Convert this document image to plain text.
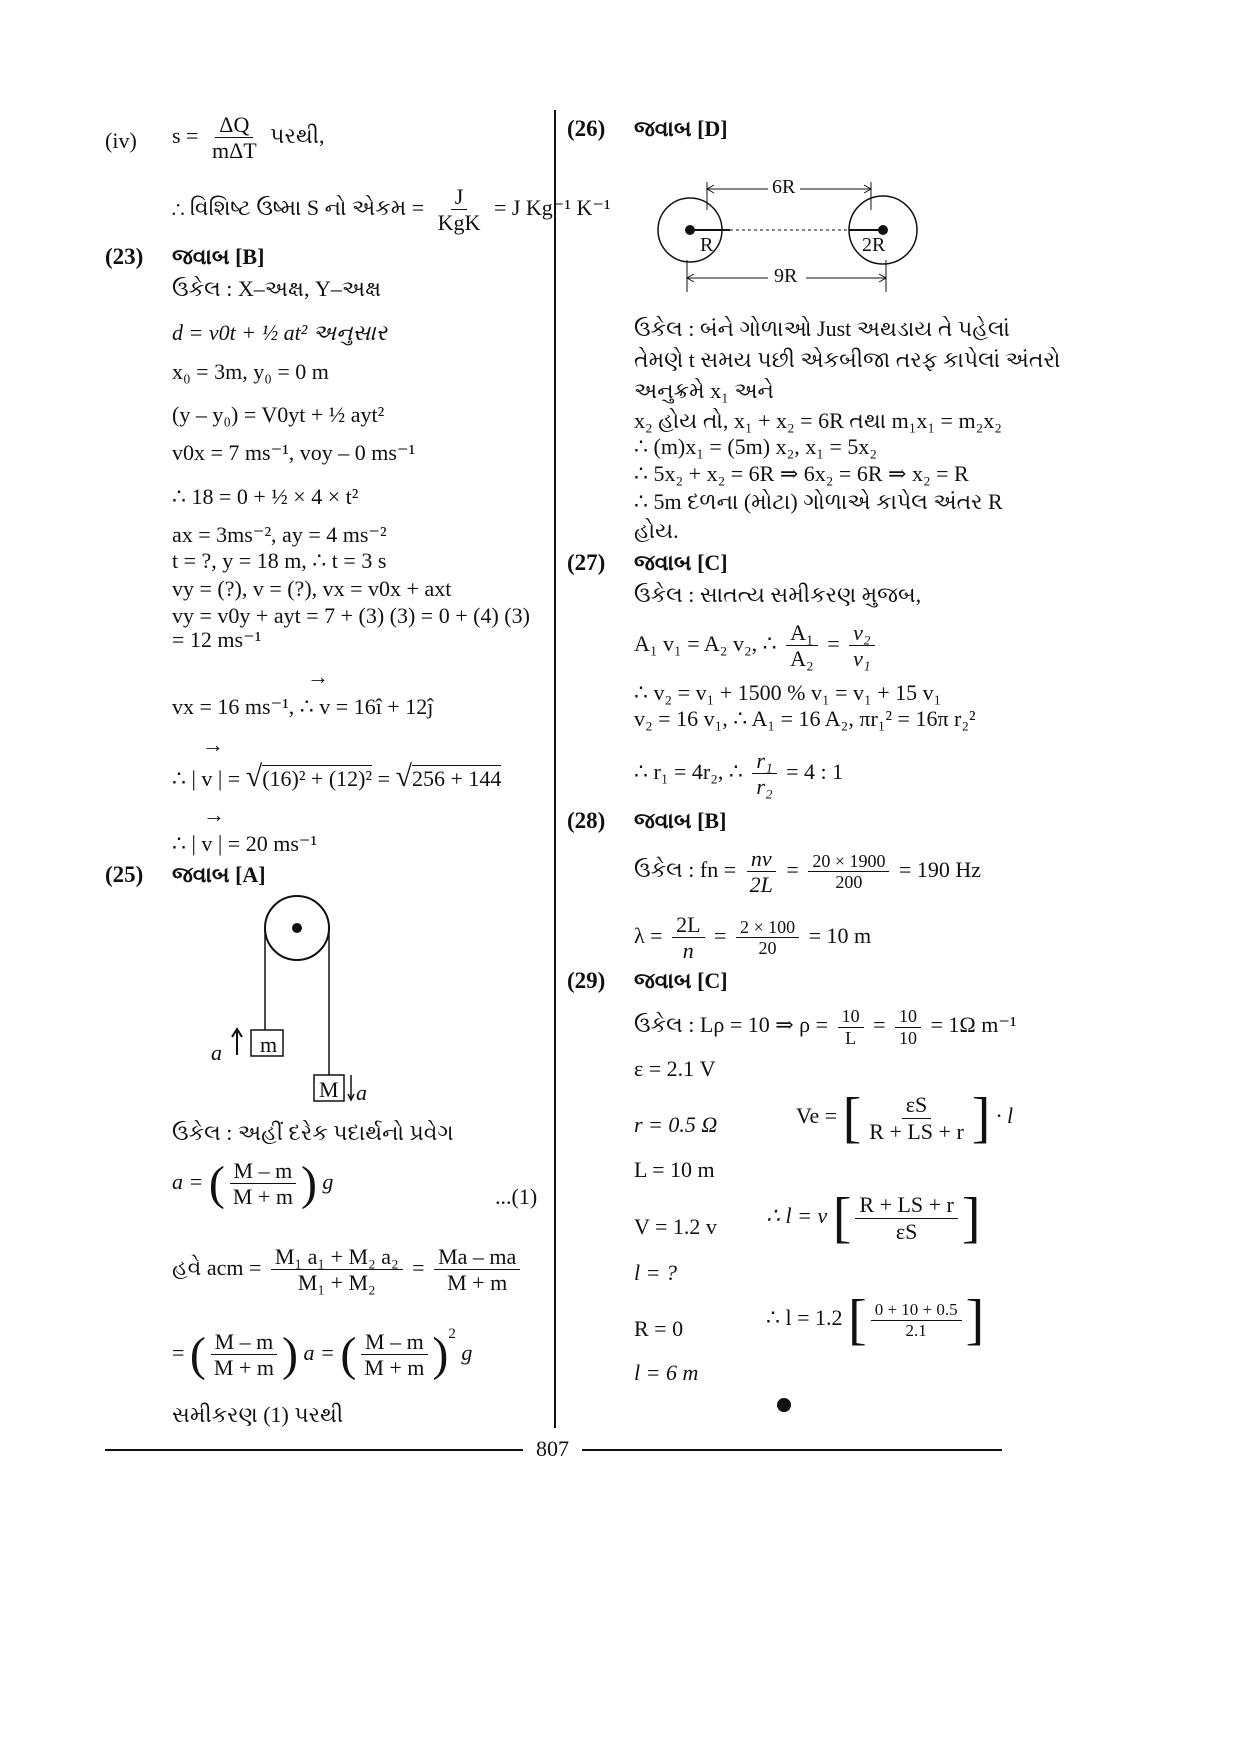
807
(iv) $s = \frac{\Delta Q}{\text{mΔT}}$ પરથી,
∴ વિશિષ્ટ ઉષ્મા S નો એકમ = $\frac{J}{\text{KgK}} = J$ Kg⁻¹ K⁻¹
(23) જવાબ [B]
ઉકેલ : X–અક્ષ, Y–અક્ષ
d = v0t + ½ at² અનુસાર
x₀ = 3m, y₀ = 0 m
(y – y₀) = V0yt + ½ ayt²
v0x = 7 ms⁻¹, voy – 0 ms⁻¹
∴ 18 = 0 + ½ × 4 × t²
ax = 3ms⁻², ay = 4 ms⁻²
t = ?, y = 18 m, ∴ t = 3 s
vy = (?), v = (?), vx = v0x + axt
vy = v0y + ayt = 7 + (3) (3) = 0 + (4) (3)
= 12 ms⁻¹
→
vx = 16 ms⁻¹, ∴ v = 16î + 12ĵ
→
∴ | v | = √(16)² + (12)² = √256 + 144
→
∴ | v | = 20 ms⁻¹
(25) જવાબ [A]
m
M
a
a
ઉકેલ : અહીં દરેક પદાર્થનો પ્રવેગ
a = ( $\frac{M - m}{M + m}$ ) g
...(1)
હવે acm = $\frac{\text{M₁ a₁ + M₂ a₂}}{\text{M₁ + M₂}} = \frac{Ma - ma}{M + m}$
= ( $\frac{M - m}{M + m}$ ) a = ( $\frac{M - m}{M + m} )^2$ g
સમીકરણ (1) પરથી
(26) જવાબ [D]
6R
9R
R	2R
ઉકેલ : બંને ગોળાઓ Just અથડાય તે પહેલાં
તેમણે t સમય પછી એકબીજા તરફ કાપેલાં અંતરો
અનુક્રમે x₁ અને
x₂ હોય તો, x₁ + x₂ = 6R તથા m₁x₁ = m₂x₂
∴ (m)x₁ = (5m) x₂, x₁ = 5x₂
∴ 5x₂ + x₂ = 6R ⇒ 6x₂ = 6R ⇒ x₂ = R
∴ 5m દળના (મોટા) ગોળાએ કાપેલ અંતર R
હોય.
(27) જવાબ [C]
ઉકેલ : સાતત્ય સમીકરણ મુજબ,
A₁ v₁ = A₂ v₂, ∴ $\frac{\text{A₁}}{\text{A₂}} = \frac{\text{v₂}}{\text{v₁}}$
∴ v₂ = v₁ + 1500 % v₁ = v₁ + 15 v₁
v₂ = 16 v₁, ∴ A₁ = 16 A₂, πr₁² = 16π r₂²
∴ r₁ = 4r₂, ∴ $\frac{\text{r₁}}{\text{r₂}} = 4$ : 1
(28) જવાબ [B]
ઉકેલ : fn = $\frac{nv}{2L} = \frac{20 \times 1900}{200} = 190$ Hz
$\lambda = \frac{2L}{n} = \frac{2 \times 100}{20} = 10$ m
(29) જવાબ [C]
ઉકેલ : Lρ = 10 ⇒ $\rho = \frac{10}{L} = \frac{10}{10} = 1\Omega$ m⁻¹
ε = 2.1 V
r = 0.5 Ω	Ve = [ $\frac{\varepsilon S}{R + LS + r}$ ] · l
L = 10 m
V = 1.2 v ∴ l = v [ $\frac{R + LS + r}{\varepsilon S}$ ]
l = ?
R = 0	∴ l = 1.2 [ $\frac{0 + 10 + 0.5}{2.1}$ ]
l = 6 m
